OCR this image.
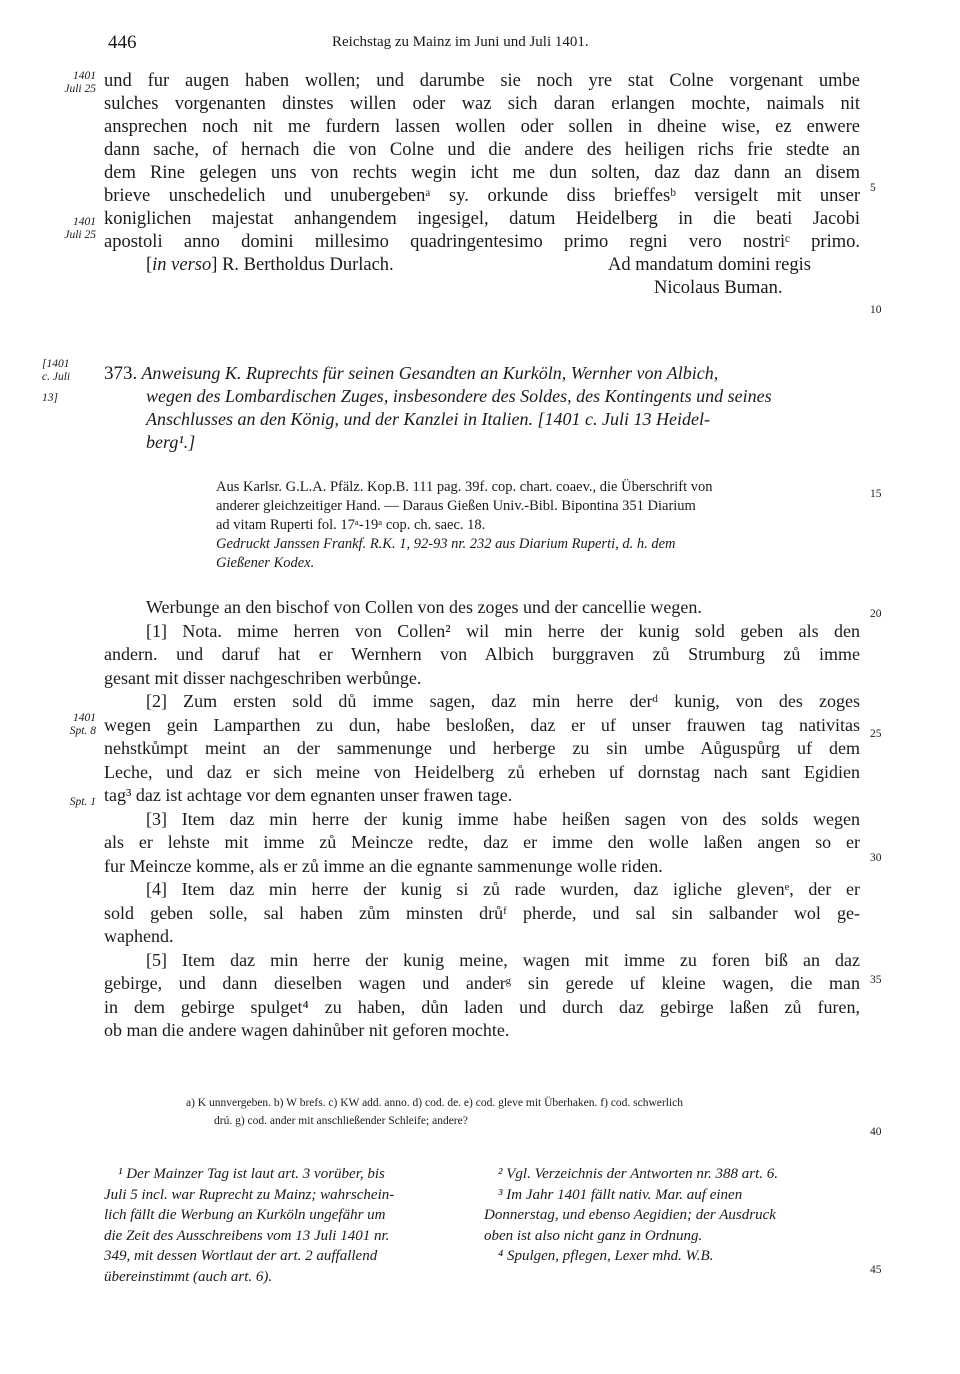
446	Reichstag zu Mainz im Juni und Juli 1401.
und fur augen haben wollen; und darumbe sie noch yre stat Colne vorgenant umbe
sulches vorgenanten dinstes willen oder waz sich daran erlangen mochte, naimals nit
ansprechen noch nit me furdern lassen wollen oder sollen in dheine wise, ez enwere
dann sache, of hernach die von Colne und die andere des heiligen richs frie stedte an
dem Rine gelegen uns von rechts wegin icht me dun solten, daz daz dann an disem
brieve unschedelich und unubergebenᵃ sy. orkunde diss brieffesᵇ versigelt mit unser
koniglichen majestat anhangendem ingesigel, datum Heidelberg in die beati Jacobi
apostoli anno domini millesimo quadringentesimo primo regni vero nostriᶜ primo.
[in verso] R. Bertholdus Durlach.	Ad mandatum domini regis
Nicolaus Buman.
1401
Juli 25
1401
Juli 25
[1401
c. Juli
13]
1401
Spt. 8
Spt. 1
5
10
15
20
25
30
35
40
45
373. Anweisung K. Ruprechts für seinen Gesandten an Kurköln, Wernher von Albich,
wegen des Lombardischen Zuges, insbesondere des Soldes, des Kontingents und seines
Anschlusses an den König, und der Kanzlei in Italien. [1401 c. Juli 13 Heidel-
berg¹.]
Aus Karlsr. G.L.A. Pfälz. Kop.B. 111 pag. 39f. cop. chart. coaev., die Überschrift von
anderer gleichzeitiger Hand. — Daraus Gießen Univ.-Bibl. Bipontina 351 Diarium
ad vitam Ruperti fol. 17ᵃ-19ᵃ cop. ch. saec. 18.
Gedruckt Janssen Frankf. R.K. 1, 92-93 nr. 232 aus Diarium Ruperti, d. h. dem
Gießener Kodex.
Werbunge an den bischof von Collen von des zoges und der cancellie wegen.
[1] Nota. mime herren von Collen² wil min herre der kunig sold geben als den
andern. und daruf hat er Wernhern von Albich burggraven zů Strumburg zů imme
gesant mit disser nachgeschriben werbůnge.
[2] Zum ersten sold dů imme sagen, daz min herre derᵈ kunig, von des zoges
wegen gein Lamparthen zu dun, habe besloßen, daz er uf unser frauwen tag nativitas
nehstkůmpt meint an der sammenunge und herberge zu sin umbe Aůguspůrg uf dem
Leche, und daz er sich meine von Heidelberg zů erheben uf dornstag nach sant Egidien
tag³ daz ist achtage vor dem egnanten unser frawen tage.
[3] Item daz min herre der kunig imme habe heißen sagen von des solds wegen
als er lehste mit imme zů Meincze redte, daz er imme den wolle laßen angen so er
fur Meincze komme, als er zů imme an die egnante sammenunge wolle riden.
[4] Item daz min herre der kunig si zů rade wurden, daz igliche glevenᵉ, der er
sold geben solle, sal haben zům minsten drůᶠ pherde, und sal sin salbander wol ge-
waphend.
[5] Item daz min herre der kunig meine, wagen mit imme zu foren biß an daz
gebirge, und dann dieselben wagen und anderᵍ sin gerede uf kleine wagen, die man
in dem gebirge spulget⁴ zu haben, důn laden und durch daz gebirge laßen zů furen,
ob man die andere wagen dahinůber nit geforen mochte.
a) K unnvergeben. b) W brefs. c) KW add. anno. d) cod. de. e) cod. gleve mit Überhaken. f) cod. schwerlich
drú. g) cod. ander mit anschließender Schleife; andere?
¹ Der Mainzer Tag ist laut art. 3 vorüber, bis
Juli 5 incl. war Ruprecht zu Mainz; wahrschein-
lich fällt die Werbung an Kurköln ungefähr um
die Zeit des Ausschreibens vom 13 Juli 1401 nr.
349, mit dessen Wortlaut der art. 2 auffallend
übereinstimmt (auch art. 6).
² Vgl. Verzeichnis der Antworten nr. 388 art. 6.
³ Im Jahr 1401 fällt nativ. Mar. auf einen
Donnerstag, und ebenso Aegidien; der Ausdruck
oben ist also nicht ganz in Ordnung.
⁴ Spulgen, pflegen, Lexer mhd. W.B.
